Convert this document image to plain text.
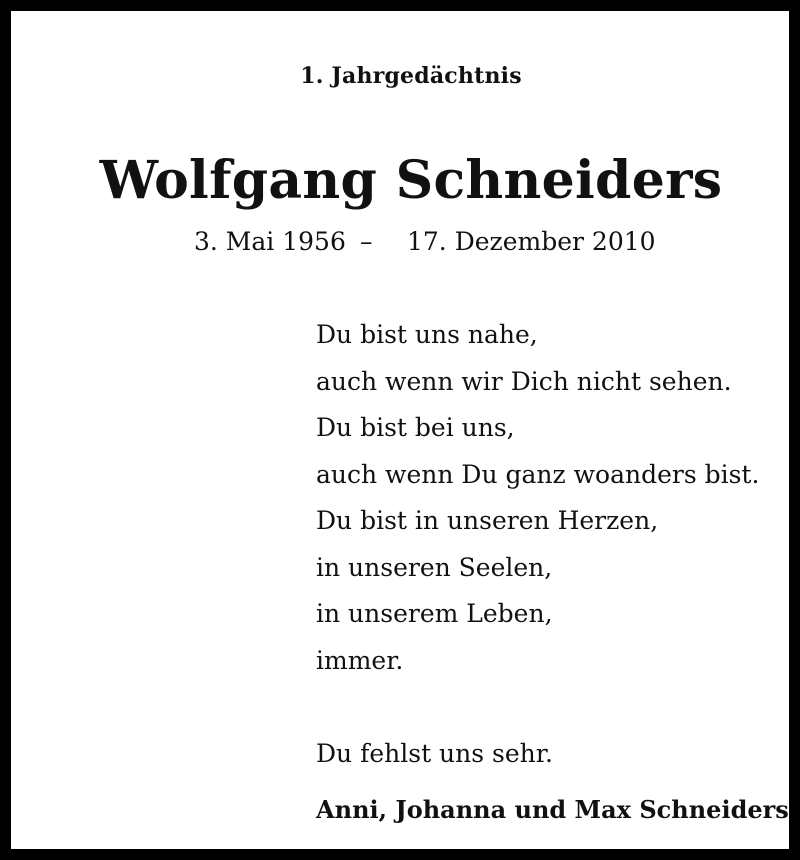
1. Jahrgedächtnis
Wolfgang Schneiders
3. Mai 1956 – 17. Dezember 2010
Du bist uns nahe,
auch wenn wir Dich nicht sehen.
Du bist bei uns,
auch wenn Du ganz woanders bist.
Du bist in unseren Herzen,
in unseren Seelen,
in unserem Leben,
immer.
Du fehlst uns sehr.
Anni, Johanna und Max Schneiders
